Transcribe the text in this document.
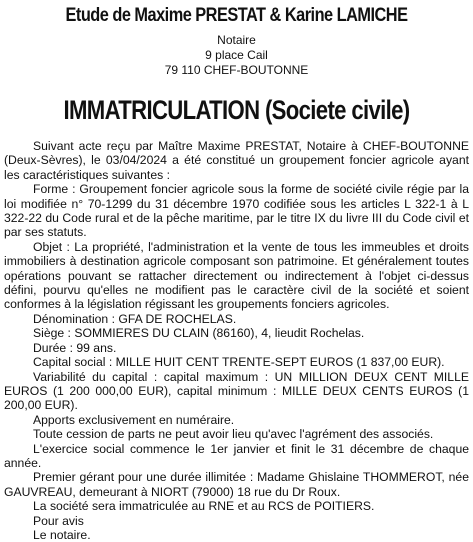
Etude de Maxime PRESTAT & Karine LAMICHE
Notaire
9 place Cail
79 110 CHEF-BOUTONNE
IMMATRICULATION (Societe civile)

Suivant acte reçu par Maître Maxime PRESTAT, Notaire à CHEF-BOUTONNE (Deux-Sèvres), le 03/04/2024 a été constitué un groupement foncier agricole ayant les caractéristiques suivantes :

Forme : Groupement foncier agricole sous la forme de société civile régie par la loi modifiée n° 70-1299 du 31 décembre 1970 codifiée sous les articles L 322-1 à L 322-22 du Code rural et de la pêche maritime, par le titre IX du livre III du Code civil et par ses statuts.

Objet : La propriété, l'administration et la vente de tous les immeubles et droits immobiliers à destination agricole composant son patrimoine. Et généralement toutes opérations pouvant se rattacher directement ou indirectement à l'objet ci-dessus défini, pourvu qu'elles ne modifient pas le caractère civil de la société et soient conformes à la législation régissant les groupements fonciers agricoles.

Dénomination : GFA DE ROCHELAS.

Siège : SOMMIERES DU CLAIN (86160), 4, lieudit Rochelas.

Durée : 99 ans.

Capital social : MILLE HUIT CENT TRENTE-SEPT EUROS (1 837,00 EUR).

Variabilité du capital : capital maximum : UN MILLION DEUX CENT MILLE EUROS (1 200 000,00 EUR), capital minimum : MILLE DEUX CENTS EUROS (1 200,00 EUR).

Apports exclusivement en numéraire.

Toute cession de parts ne peut avoir lieu qu'avec l'agrément des associés.

L'exercice social commence le 1er janvier et finit le 31 décembre de chaque année.

Premier gérant pour une durée illimitée : Madame Ghislaine THOMMEROT, née GAUVREAU, demeurant à NIORT (79000) 18 rue du Dr Roux.

La société sera immatriculée au RNE et au RCS de POITIERS.

Pour avis

Le notaire.
